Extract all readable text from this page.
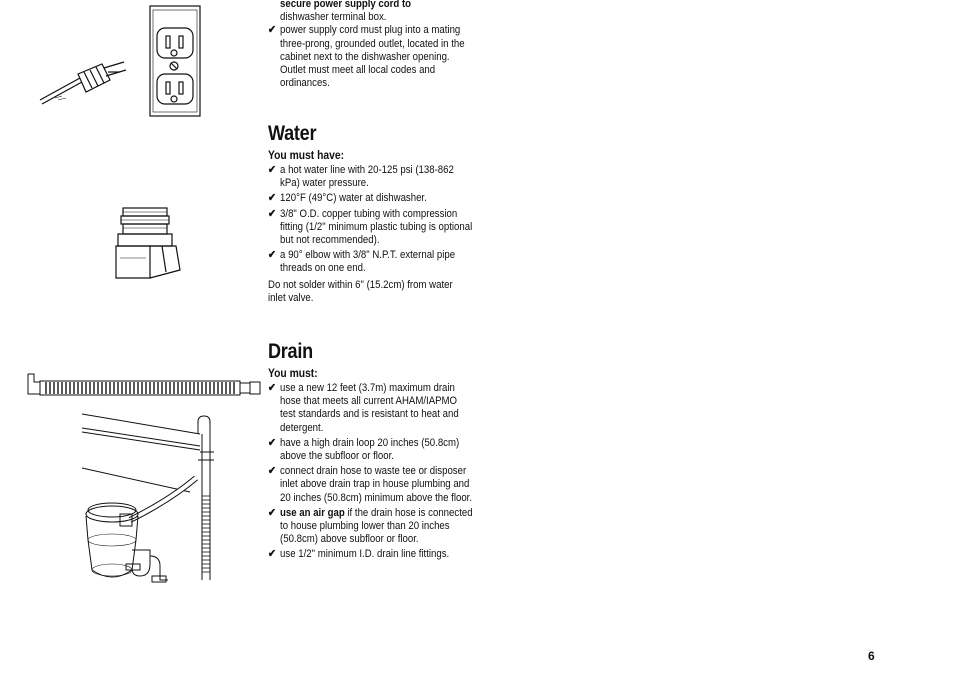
secure power supply cord to
dishwasher terminal box.
✔ power supply cord must plug into a mating three-prong, grounded outlet, located in the cabinet next to the dishwasher opening. Outlet must meet all local codes and ordinances.
Water
You must have:
✔ a hot water line with 20-125 psi (138-862 kPa) water pressure.
✔ 120°F (49°C) water at dishwasher.
✔ 3/8" O.D. copper tubing with compression fitting (1/2" minimum plastic tubing is optional but not recommended).
✔ a 90° elbow with 3/8" N.P.T. external pipe threads on one end.
Do not solder within 6" (15.2cm) from water inlet valve.
Drain
You must:
✔ use a new 12 feet (3.7m) maximum drain hose that meets all current AHAM/IAPMO test standards and is resistant to heat and detergent.
✔ have a high drain loop 20 inches (50.8cm) above the subfloor or floor.
✔ connect drain hose to waste tee or disposer inlet above drain trap in house plumbing and 20 inches (50.8cm) minimum above the floor.
✔ use an air gap if the drain hose is connected to house plumbing lower than 20 inches (50.8cm) above subfloor or floor.
✔ use 1/2" minimum I.D. drain line fittings.
6
